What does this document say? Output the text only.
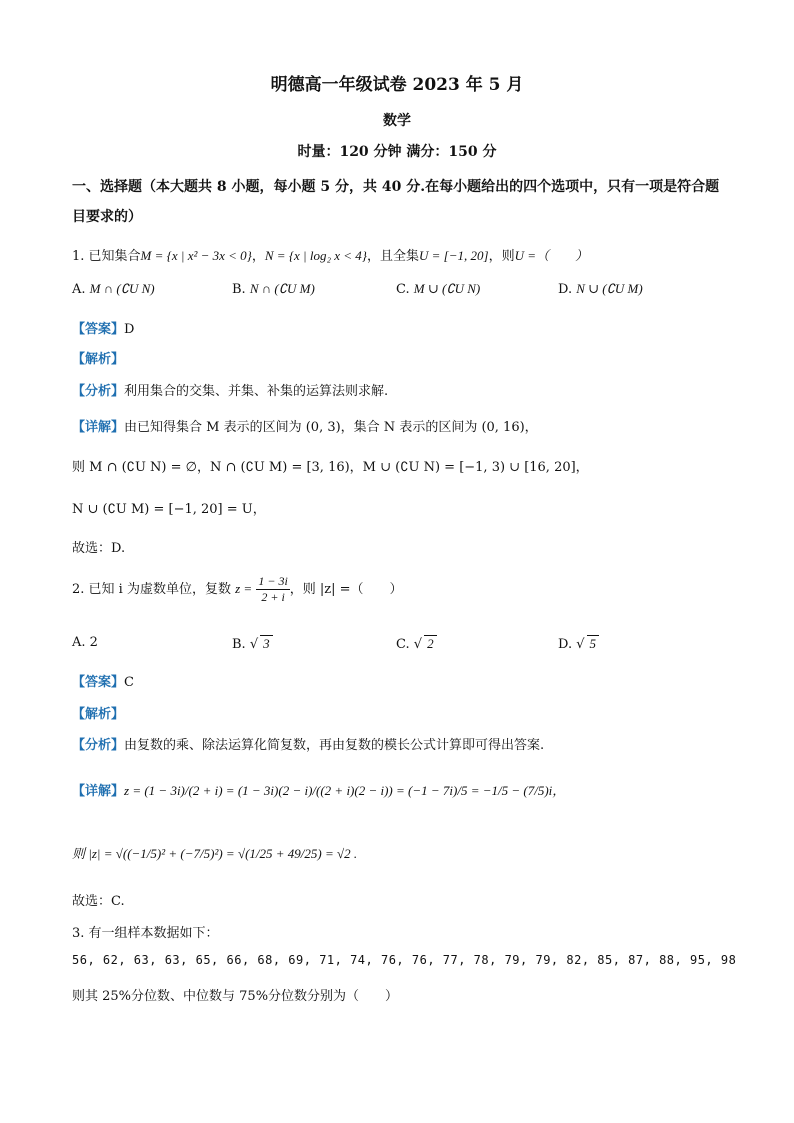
明德高一年级试卷 2023 年 5 月
数学
时量：120 分钟 满分：150 分
一、选择题（本大题共 8 小题，每小题 5 分，共 40 分.在每小题给出的四个选项中，只有一项是符合题目要求的）
1. 已知集合M = {x | x² − 3x < 0}，N = {x | log₂ x < 4}，且全集U = [−1, 20]，则U =（　　）
A. M ∩ (∁U N)	B. N ∩ (∁U M)	C. M ∪ (∁U N)	D. N ∪ (∁U M)
【答案】D
【解析】
【分析】利用集合的交集、并集、补集的运算法则求解.
【详解】由已知得集合 M 表示的区间为 (0, 3)，集合 N 表示的区间为 (0, 16)，
则 M ∩ (∁U N) = ∅，N ∩ (∁U M) = [3, 16)，M ∪ (∁U N) = [−1, 3) ∪ [16, 20]，
N ∪ (∁U M) = [−1, 20] = U，
故选：D.
2. 已知 i 为虚数单位，复数 $z = \frac{1 - 3i}{2 + i}$ ，则 |z| =（　　）
A. 2	B. √ 3	C. √ 2	D. √ 5
【答案】C
【解析】
【分析】由复数的乘、除法运算化简复数，再由复数的模长公式计算即可得出答案.
【详解】z = (1 − 3i)/(2 + i) = (1 − 3i)(2 − i)/((2 + i)(2 − i)) = (−1 − 7i)/5 = −1/5 − (7/5)i，
则 |z| = √((−1/5)² + (−7/5)²) = √(1/25 + 49/25) = √2 .
故选：C.
3. 有一组样本数据如下：
56, 62, 63, 63, 65, 66, 68, 69, 71, 74, 76, 76, 77, 78, 79, 79, 82, 85, 87, 88, 95, 98
则其 25%分位数、中位数与 75%分位数分别为（　　）
